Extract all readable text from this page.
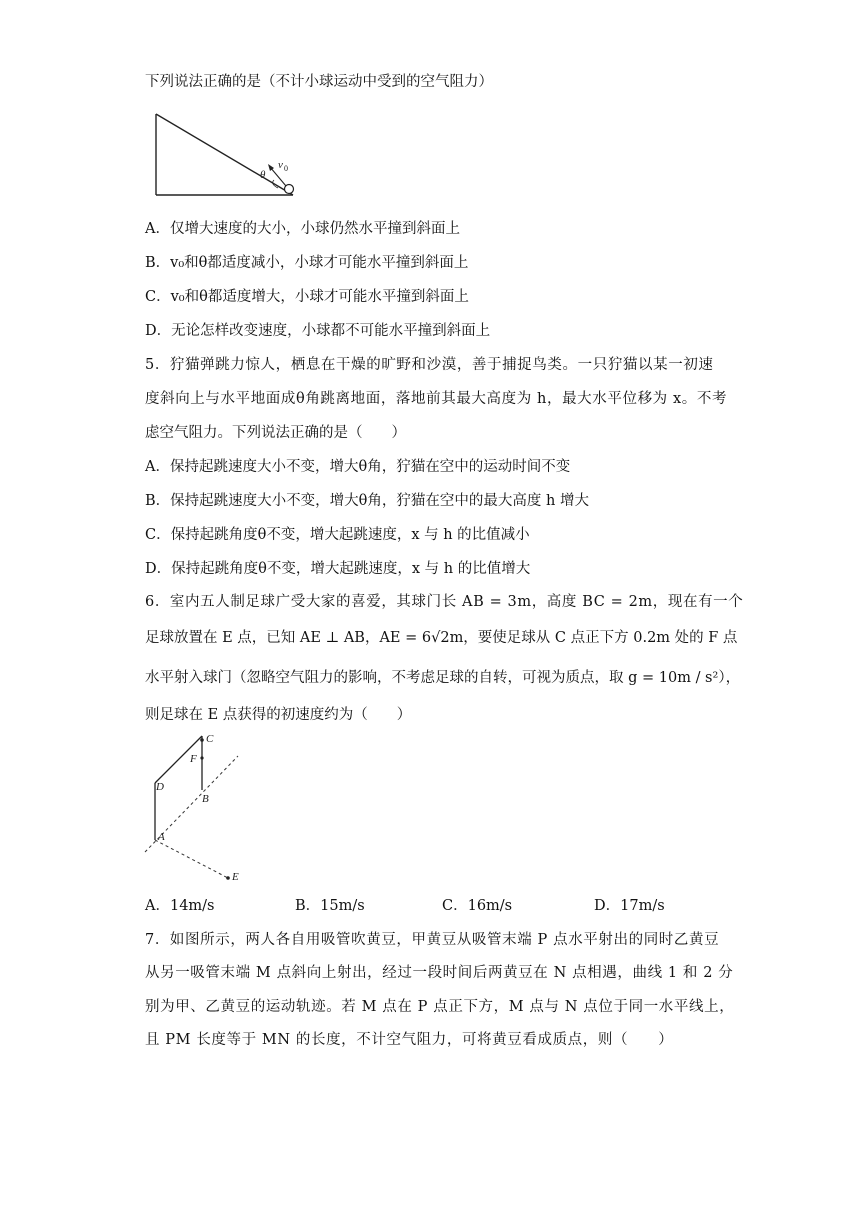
下列说法正确的是（不计小球运动中受到的空气阻力）
θ
v 0
A．仅增大速度的大小，小球仍然水平撞到斜面上
B．v₀和θ都适度减小，小球才可能水平撞到斜面上
C．v₀和θ都适度增大，小球才可能水平撞到斜面上
D．无论怎样改变速度，小球都不可能水平撞到斜面上
5．狞猫弹跳力惊人，栖息在干燥的旷野和沙漠，善于捕捉鸟类。一只狞猫以某一初速
度斜向上与水平地面成θ角跳离地面，落地前其最大高度为 h，最大水平位移为 x。不考
虑空气阻力。下列说法正确的是（　　）
A．保持起跳速度大小不变，增大θ角，狞猫在空中的运动时间不变
B．保持起跳速度大小不变，增大θ角，狞猫在空中的最大高度 h 增大
C．保持起跳角度θ不变，增大起跳速度，x 与 h 的比值减小
D．保持起跳角度θ不变，增大起跳速度，x 与 h 的比值增大
6．室内五人制足球广受大家的喜爱，其球门长 AB = 3m，高度 BC = 2m，现在有一个
足球放置在 E 点，已知 AE ⊥ AB，AE = 6√2m，要使足球从 C 点正下方 0.2m 处的 F 点
水平射入球门（忽略空气阻力的影响，不考虑足球的自转，可视为质点，取 g = 10m / s²），
则足球在 E 点获得的初速度约为（　　）
C
F
D
B
A
E
A．14m/s	B．15m/s	C．16m/s	D．17m/s
7．如图所示，两人各自用吸管吹黄豆，甲黄豆从吸管末端 P 点水平射出的同时乙黄豆
从另一吸管末端 M 点斜向上射出，经过一段时间后两黄豆在 N 点相遇，曲线 1 和 2 分
别为甲、乙黄豆的运动轨迹。若 M 点在 P 点正下方，M 点与 N 点位于同一水平线上，
且 PM 长度等于 MN 的长度，不计空气阻力，可将黄豆看成质点，则（　　）
